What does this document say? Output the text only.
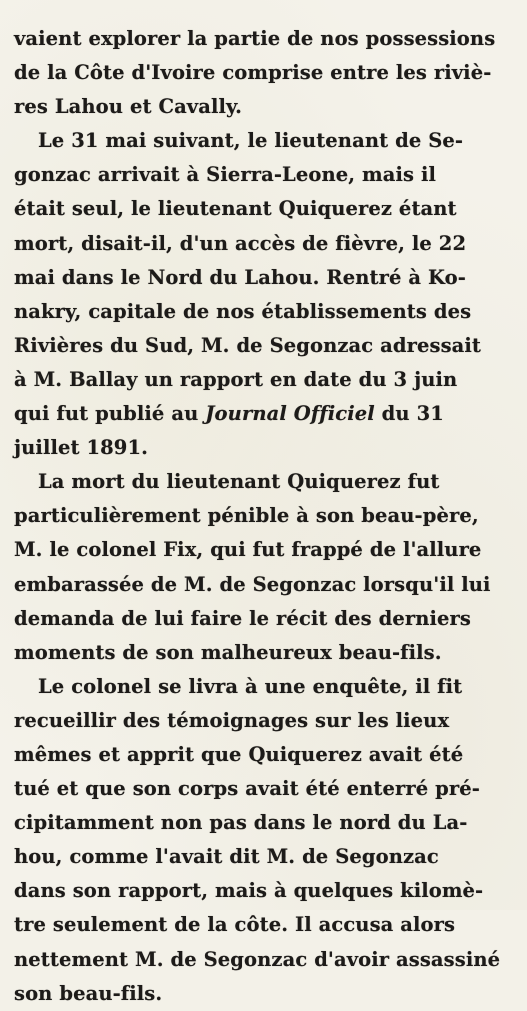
vaient explorer la partie de nos possessions
de la Côte d'Ivoire comprise entre les riviè-
res Lahou et Cavally.
Le 31 mai suivant, le lieutenant de Se-
gonzac arrivait à Sierra-Leone, mais il
était seul, le lieutenant Quiquerez étant
mort, disait-il, d'un accès de fièvre, le 22
mai dans le Nord du Lahou. Rentré à Ko-
nakry, capitale de nos établissements des
Rivières du Sud, M. de Segonzac adressait
à M. Ballay un rapport en date du 3 juin
qui fut publié au Journal Officiel du 31
juillet 1891.
La mort du lieutenant Quiquerez fut
particulièrement pénible à son beau-père,
M. le colonel Fix, qui fut frappé de l'allure
embarassée de M. de Segonzac lorsqu'il lui
demanda de lui faire le récit des derniers
moments de son malheureux beau-fils.
Le colonel se livra à une enquête, il fit
recueillir des témoignages sur les lieux
mêmes et apprit que Quiquerez avait été
tué et que son corps avait été enterré pré-
cipitamment non pas dans le nord du La-
hou, comme l'avait dit M. de Segonzac
dans son rapport, mais à quelques kilomè-
tre seulement de la côte. Il accusa alors
nettement M. de Segonzac d'avoir assassiné
son beau-fils.
